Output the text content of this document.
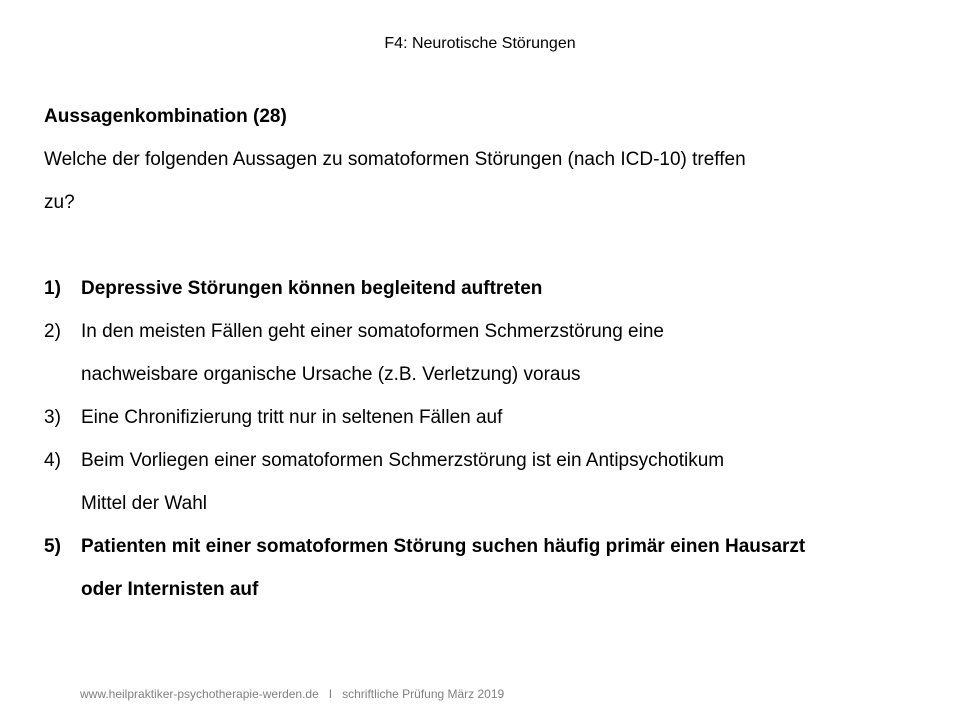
F4: Neurotische Störungen
Aussagenkombination (28)
Welche der folgenden Aussagen zu somatoformen Störungen (nach ICD-10) treffen
zu?
1) Depressive Störungen können begleitend auftreten
2) In den meisten Fällen geht einer somatoformen Schmerzstörung eine
nachweisbare organische Ursache (z.B. Verletzung) voraus
3) Eine Chronifizierung tritt nur in seltenen Fällen auf
4) Beim Vorliegen einer somatoformen Schmerzstörung ist ein Antipsychotikum
Mittel der Wahl
5) Patienten mit einer somatoformen Störung suchen häufig primär einen Hausarzt
oder Internisten auf
www.heilpraktiker-psychotherapie-werden.de I schriftliche Prüfung März 2019
